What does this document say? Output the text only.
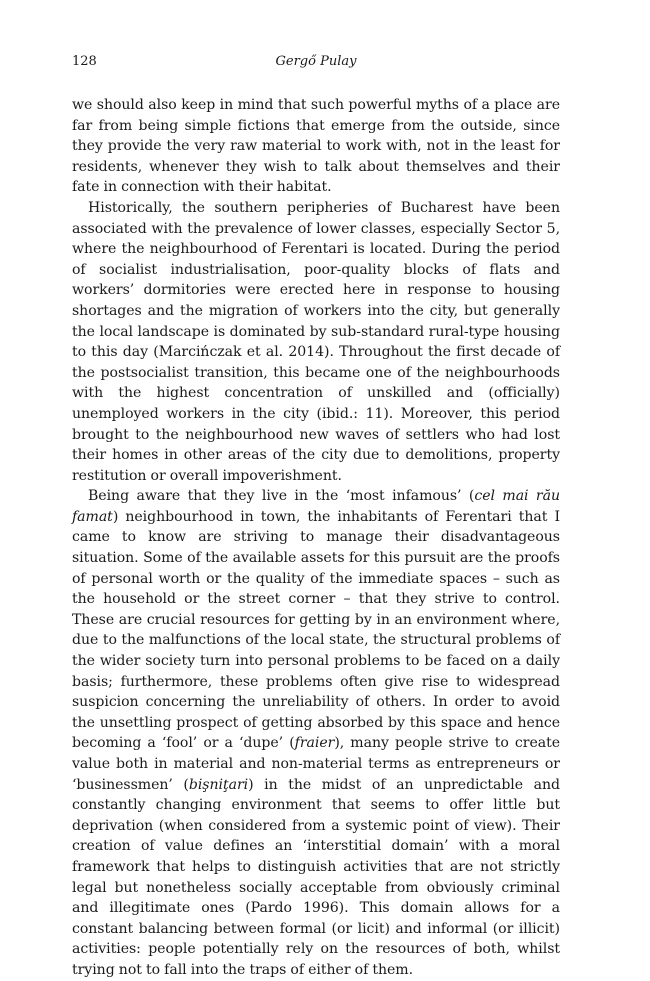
128	Gergő Pulay

we should also keep in mind that such powerful myths of a place are far from being simple fictions that emerge from the outside, since they provide the very raw material to work with, not in the least for residents, whenever they wish to talk about themselves and their fate in connection with their habitat.

Historically, the southern peripheries of Bucharest have been associated with the prevalence of lower classes, especially Sector 5, where the neighbourhood of Ferentari is located. During the period of socialist industrialisation, poor-quality blocks of flats and workers’ dormitories were erected here in response to housing shortages and the migration of workers into the city, but generally the local landscape is dominated by sub-standard rural-type housing to this day (Marcińczak et al. 2014). Throughout the first decade of the postsocialist transition, this became one of the neighbourhoods with the highest concentration of unskilled and (officially) unemployed workers in the city (ibid.: 11). Moreover, this period brought to the neighbourhood new waves of settlers who had lost their homes in other areas of the city due to demolitions, property restitution or overall impoverishment.

Being aware that they live in the ‘most infamous’ (cel mai rău famat) neighbourhood in town, the inhabitants of Ferentari that I came to know are striving to manage their disadvantageous situation. Some of the available assets for this pursuit are the proofs of personal worth or the quality of the immediate spaces – such as the household or the street corner – that they strive to control. These are crucial resources for getting by in an environment where, due to the malfunctions of the local state, the structural problems of the wider society turn into personal problems to be faced on a daily basis; furthermore, these problems often give rise to widespread suspicion concerning the unreliability of others. In order to avoid the unsettling prospect of getting absorbed by this space and hence becoming a ‘fool’ or a ‘dupe’ (fraier), many people strive to create value both in material and non-material terms as entrepreneurs or ‘businessmen’ (bişniţari) in the midst of an unpredictable and constantly changing environment that seems to offer little but deprivation (when considered from a systemic point of view). Their creation of value defines an ‘interstitial domain’ with a moral framework that helps to distinguish activities that are not strictly legal but nonetheless socially acceptable from obviously criminal and illegitimate ones (Pardo 1996). This domain allows for a constant balancing between formal (or licit) and informal (or illicit) activities: people potentially rely on the resources of both, whilst trying not to fall into the traps of either of them.
